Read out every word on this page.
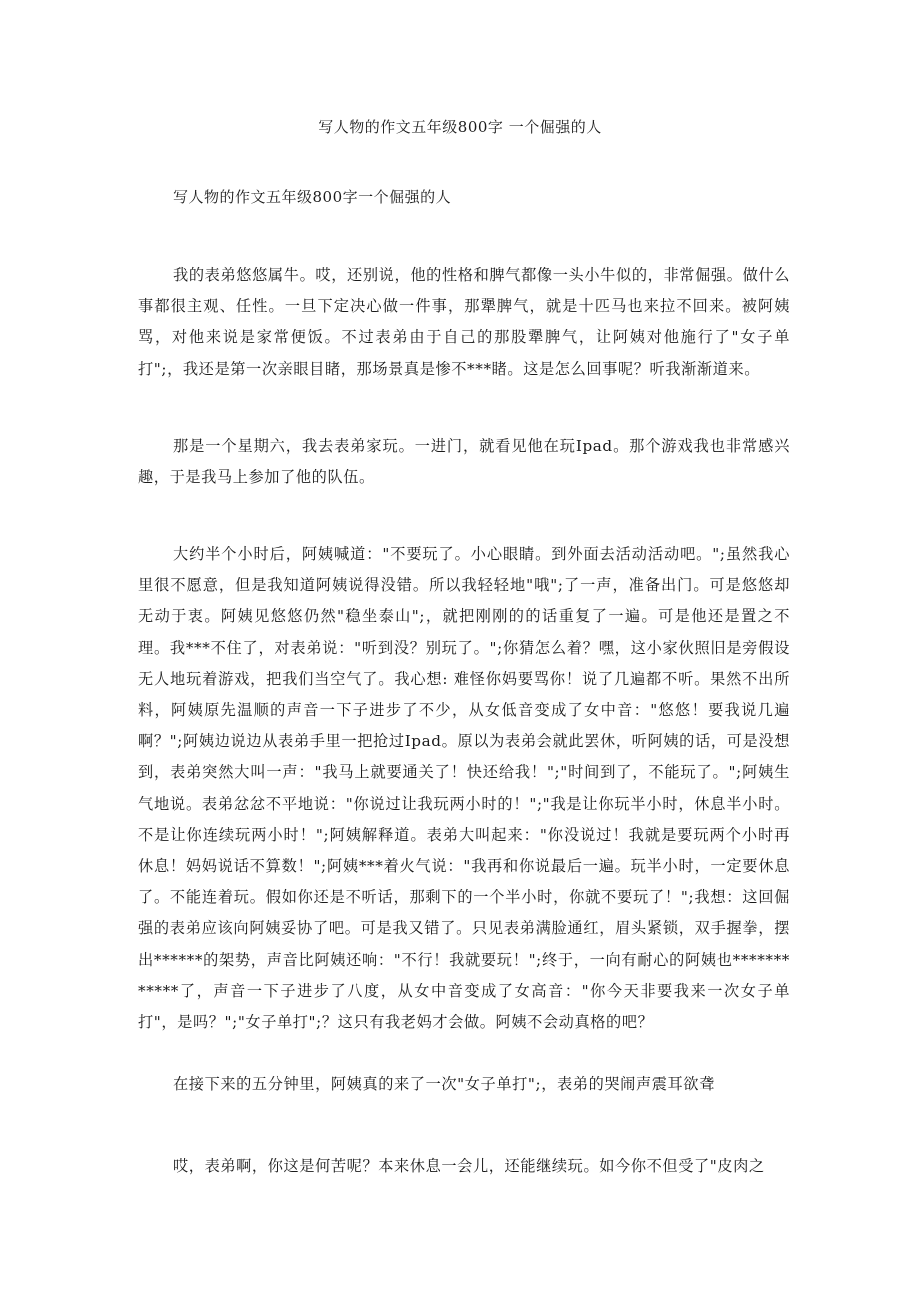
写人物的作文五年级800字 一个倔强的人
写人物的作文五年级800字一个倔强的人

我的表弟悠悠属牛。哎，还别说，他的性格和脾气都像一头小牛似的，非常倔强。做什么事都很主观、任性。一旦下定决心做一件事，那犟脾气，就是十匹马也来拉不回来。被阿姨骂，对他来说是家常便饭。不过表弟由于自己的那股犟脾气，让阿姨对他施行了"女子单打";，我还是第一次亲眼目睹，那场景真是惨不***睹。这是怎么回事呢？听我渐渐道来。

那是一个星期六，我去表弟家玩。一进门，就看见他在玩Ipad。那个游戏我也非常感兴趣，于是我马上参加了他的队伍。

大约半个小时后，阿姨喊道："不要玩了。小心眼睛。到外面去活动活动吧。";虽然我心里很不愿意，但是我知道阿姨说得没错。所以我轻轻地"哦";了一声，准备出门。可是悠悠却无动于衷。阿姨见悠悠仍然"稳坐泰山";，就把刚刚的的话重复了一遍。可是他还是置之不理。我***不住了，对表弟说："听到没？别玩了。";你猜怎么着？嘿，这小家伙照旧是旁假设无人地玩着游戏，把我们当空气了。我心想: 难怪你妈要骂你！说了几遍都不听。果然不出所料，阿姨原先温顺的声音一下子进步了不少，从女低音变成了女中音："悠悠！要我说几遍啊？";阿姨边说边从表弟手里一把抢过Ipad。原以为表弟会就此罢休，听阿姨的话，可是没想到，表弟突然大叫一声："我马上就要通关了！快还给我！";"时间到了，不能玩了。";阿姨生气地说。表弟忿忿不平地说："你说过让我玩两小时的！";"我是让你玩半小时，休息半小时。不是让你连续玩两小时！";阿姨解释道。表弟大叫起来："你没说过！我就是要玩两个小时再休息！妈妈说话不算数！";阿姨***着火气说："我再和你说最后一遍。玩半小时，一定要休息了。不能连着玩。假如你还是不听话，那剩下的一个半小时，你就不要玩了！";我想：这回倔强的表弟应该向阿姨妥协了吧。可是我又错了。只见表弟满脸通红，眉头紧锁，双手握拳，摆出******的架势，声音比阿姨还响："不行！我就要玩！";终于，一向有耐心的阿姨也************了，声音一下子进步了八度，从女中音变成了女高音："你今天非要我来一次女子单打"，是吗？";"女子单打";？这只有我老妈才会做。阿姨不会动真格的吧？

在接下来的五分钟里，阿姨真的来了一次"女子单打";，表弟的哭闹声震耳欲聋

哎，表弟啊，你这是何苦呢？本来休息一会儿，还能继续玩。如今你不但受了"皮肉之
